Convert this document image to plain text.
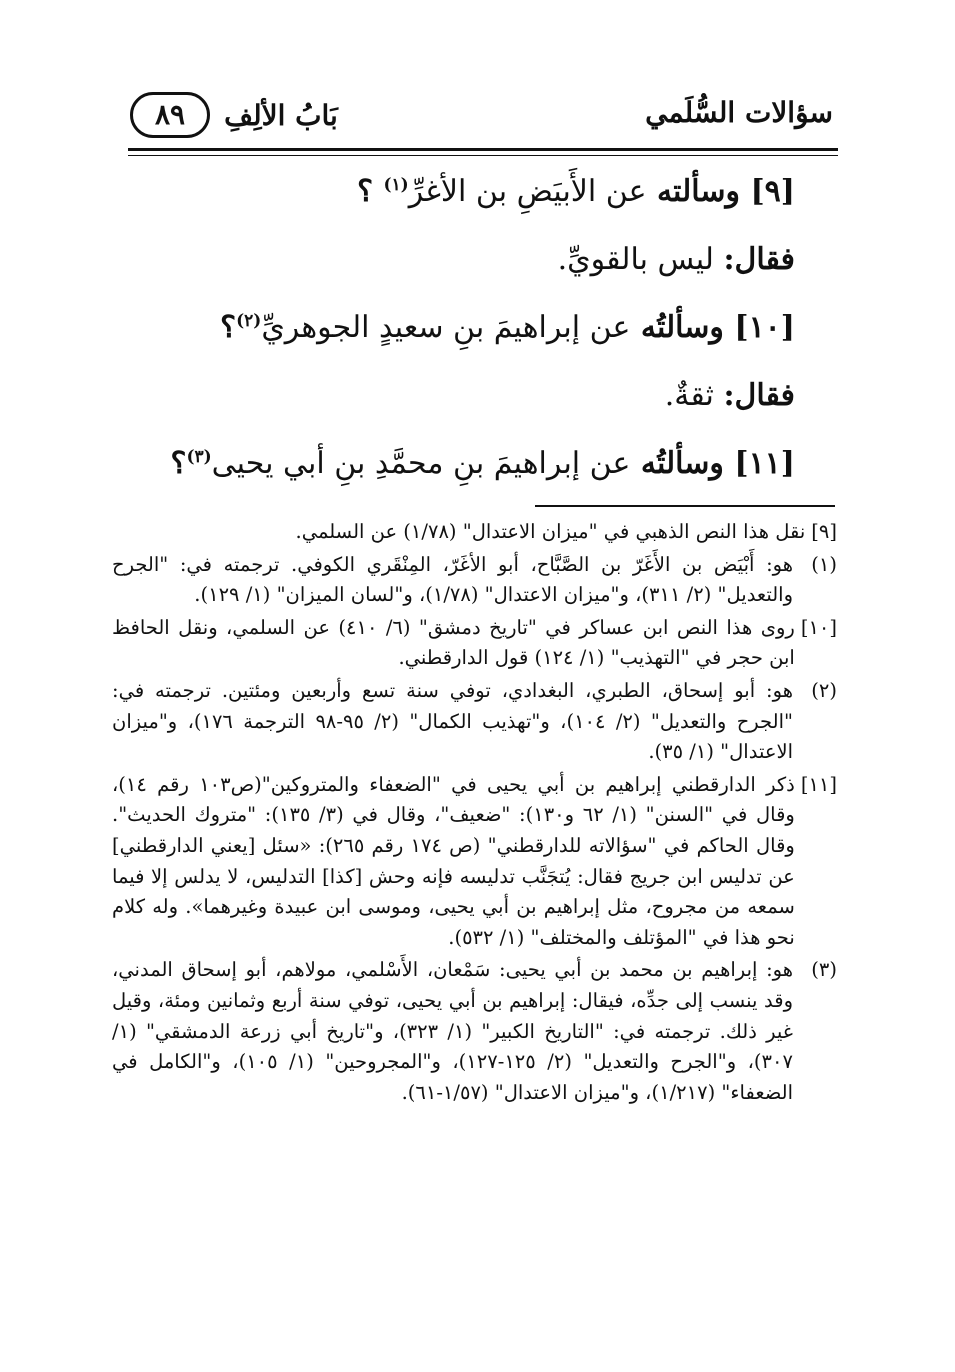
سؤالات السُّلَمي
بَابُ الألِفِ
٨٩
[٩] وسألته عن الأَبيَضِ بن الأغرِّ$^{(١)}$ ؟
فقال: ليس بالقويِّ.
[١٠] وسألتُه عن إبراهيمَ بنِ سعيدٍ الجوهريِّ$^{(٢)}$؟
فقال: ثقةٌ.
[١١] وسألتُه عن إبراهيمَ بنِ محمَّدِ بنِ أبي يحيى$^{(٣)}$؟
[٩]
نقل هذا النص الذهبي في "ميزان الاعتدال" (١/٧٨) عن السلمي.
(١)
هو: أَبْيَض بن الأَغَرّ بن الصَّبَّاح، أبو الأغَرّ، المِنْقَري الكوفي. ترجمته في: "الجرح والتعديل" (٢/ ٣١١)، و"ميزان الاعتدال" (١/٧٨)، و"لسان الميزان" (١/ ١٢٩).
[١٠]
روى هذا النص ابن عساكر في "تاريخ دمشق" (٦/ ٤١٠) عن السلمي، ونقل الحافظ ابن حجر في "التهذيب" (١/ ١٢٤) قول الدارقطني.
(٢)
هو: أبو إسحاق، الطبري، البغدادي، توفي سنة تسع وأربعين ومئتين. ترجمته في: "الجرح والتعديل" (٢/ ١٠٤)، و"تهذيب الكمال" (٢/ ٩٥-٩٨ الترجمة ١٧٦)، و"ميزان الاعتدال" (١/ ٣٥).
[١١]
ذكر الدارقطني إبراهيم بن أبي يحيى في "الضعفاء والمتروكين"(ص١٠٣ رقم ١٤)، وقال في "السنن" (١/ ٦٢ و١٣٠): "ضعيف"، وقال في (٣/ ١٣٥): "متروك الحديث". وقال الحاكم في "سؤالاته للدارقطني" (ص ١٧٤ رقم ٢٦٥): «سئل [يعني الدارقطني] عن تدليس ابن جريج فقال: يُتجَنَّب تدليسه فإنه وحش [كذا] التدليس، لا يدلس إلا فيما سمعه من مجروح، مثل إبراهيم بن أبي يحيى، وموسى ابن عبيدة وغيرهما». وله كلام نحو هذا في "المؤتلف والمختلف" (١/ ٥٣٢).
(٣)
هو: إبراهيم بن محمد بن أبي يحيى: سَمْعان، الأَسْلمي، مولاهم، أبو إسحاق المدني، وقد ينسب إلى جدِّه، فيقال: إبراهيم بن أبي يحيى، توفي سنة أربع وثمانين ومئة، وقيل غير ذلك. ترجمته في: "التاريخ الكبير" (١/ ٣٢٣)، و"تاريخ أبي زرعة الدمشقي" (١/ ٣٠٧)، و"الجرح والتعديل" (٢/ ١٢٥-١٢٧)، و"المجروحين" (١/ ١٠٥)، و"الكامل في الضعفاء" (١/٢١٧)، و"ميزان الاعتدال" (١/٥٧-٦١).
